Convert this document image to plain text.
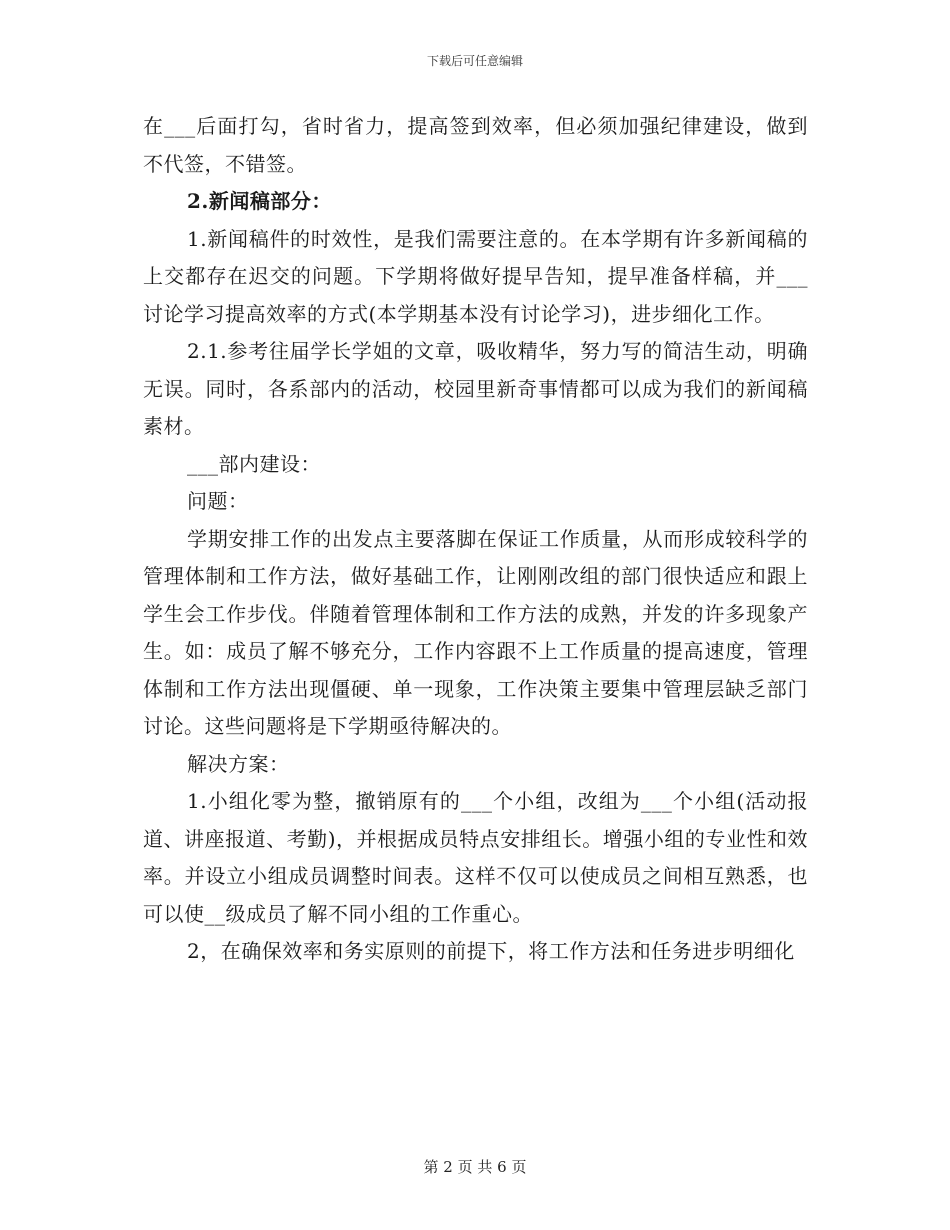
下载后可任意编辑

在___后面打勾，省时省力，提高签到效率，但必须加强纪律建设，做到不代签，不错签。

2.新闻稿部分：

1.新闻稿件的时效性，是我们需要注意的。在本学期有许多新闻稿的上交都存在迟交的问题。下学期将做好提早告知，提早准备样稿，并___讨论学习提高效率的方式(本学期基本没有讨论学习)，进步细化工作。

2.1.参考往届学长学姐的文章，吸收精华，努力写的简洁生动，明确无误。同时，各系部内的活动，校园里新奇事情都可以成为我们的新闻稿素材。

___部内建设：

问题：

学期安排工作的出发点主要落脚在保证工作质量，从而形成较科学的管理体制和工作方法，做好基础工作，让刚刚改组的部门很快适应和跟上学生会工作步伐。伴随着管理体制和工作方法的成熟，并发的许多现象产生。如：成员了解不够充分，工作内容跟不上工作质量的提高速度，管理体制和工作方法出现僵硬、单一现象，工作决策主要集中管理层缺乏部门讨论。这些问题将是下学期亟待解决的。

解决方案：

1.小组化零为整，撤销原有的___个小组，改组为___个小组(活动报道、讲座报道、考勤)，并根据成员特点安排组长。增强小组的专业性和效率。并设立小组成员调整时间表。这样不仅可以使成员之间相互熟悉，也可以使__级成员了解不同小组的工作重心。

2，在确保效率和务实原则的前提下，将工作方法和任务进步明细化

第 2 页 共 6 页
